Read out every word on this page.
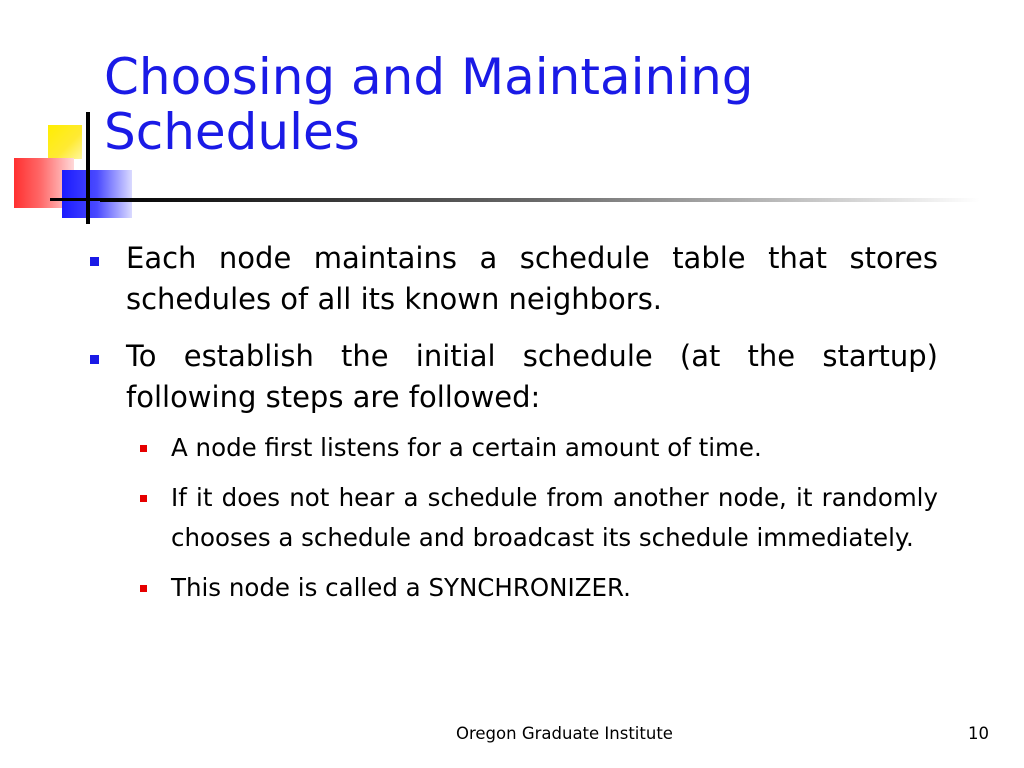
Choosing and Maintaining Schedules
Each node maintains a schedule table that stores schedules of all its known neighbors.
To establish the initial schedule (at the startup) following steps are followed:
A node first listens for a certain amount of time.
If it does not hear a schedule from another node, it randomly chooses a schedule and broadcast its schedule immediately.
This node is called a SYNCHRONIZER.
Oregon Graduate Institute	10
